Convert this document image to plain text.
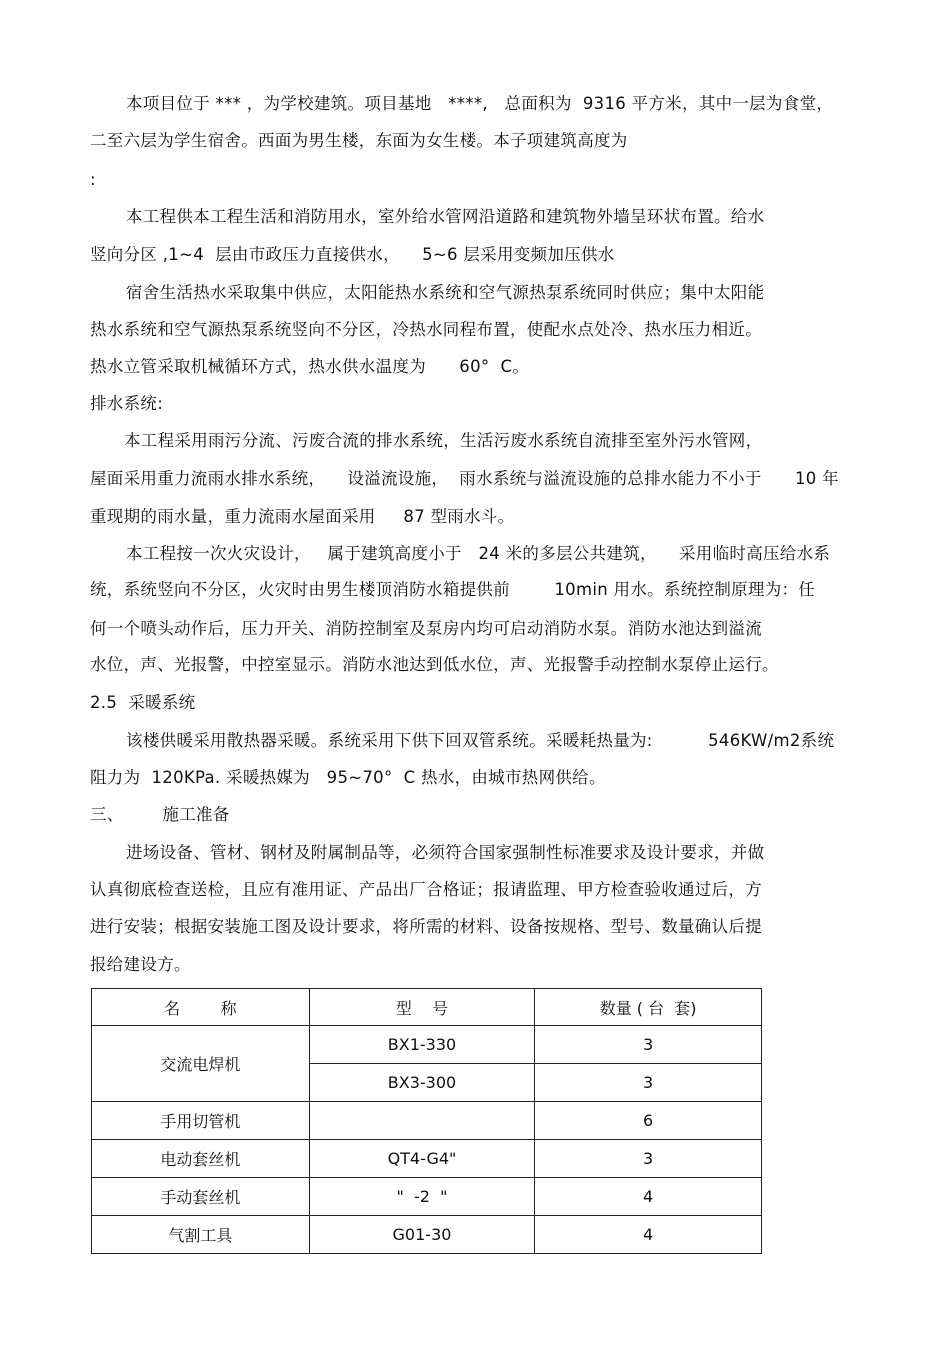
本项目位于 *** ，为学校建筑。项目基地   ****,   总面积为  9316 平方米，其中一层为食堂，
二至六层为学生宿舍。西面为男生楼，东面为女生楼。本子项建筑高度为
:
本工程供本工程生活和消防用水，室外给水管网沿道路和建筑物外墙呈环状布置。给水
竖向分区 ,1~4  层由市政压力直接供水，    5~6 层采用变频加压供水
宿舍生活热水采取集中供应，太阳能热水系统和空气源热泵系统同时供应；集中太阳能
热水系统和空气源热泵系统竖向不分区，冷热水同程布置，使配水点处冷、热水压力相近。
热水立管采取机械循环方式，热水供水温度为      60°  C。
排水系统:
本工程采用雨污分流、污废合流的排水系统，生活污废水系统自流排至室外污水管网，
屋面采用重力流雨水排水系统，    设溢流设施，  雨水系统与溢流设施的总排水能力不小于      10 年
重现期的雨水量，重力流雨水屋面采用     87 型雨水斗。
本工程按一次火灾设计，   属于建筑高度小于   24 米的多层公共建筑，    采用临时高压给水系
统，系统竖向不分区，火灾时由男生楼顶消防水箱提供前        10min 用水。系统控制原理为：任
何一个喷头动作后，压力开关、消防控制室及泵房内均可启动消防水泵。消防水池达到溢流
水位，声、光报警，中控室显示。消防水池达到低水位，声、光报警手动控制水泵停止运行。
2.5  采暖系统
该楼供暖采用散热器采暖。系统采用下供下回双管系统。采暖耗热量为:          546KW/m2系统
阻力为  120KPa. 采暖热媒为   95~70°  C 热水，由城市热网供给。
三、       施工准备
进场设备、管材、钢材及附属制品等，必须符合国家强制性标准要求及设计要求，并做
认真彻底检查送检，且应有准用证、产品出厂合格证；报请监理、甲方检查验收通过后，方
进行安装；根据安装施工图及设计要求，将所需的材料、设备按规格、型号、数量确认后提
报给建设方。
名        称	型    号	数量 ( 台  套)
交流电焊机	BX1-330	3
	BX3-300	3
手用切管机		6
电动套丝机	QT4-G4"	3
手动套丝机	"  -2  "	4
气割工具	G01-30	4
